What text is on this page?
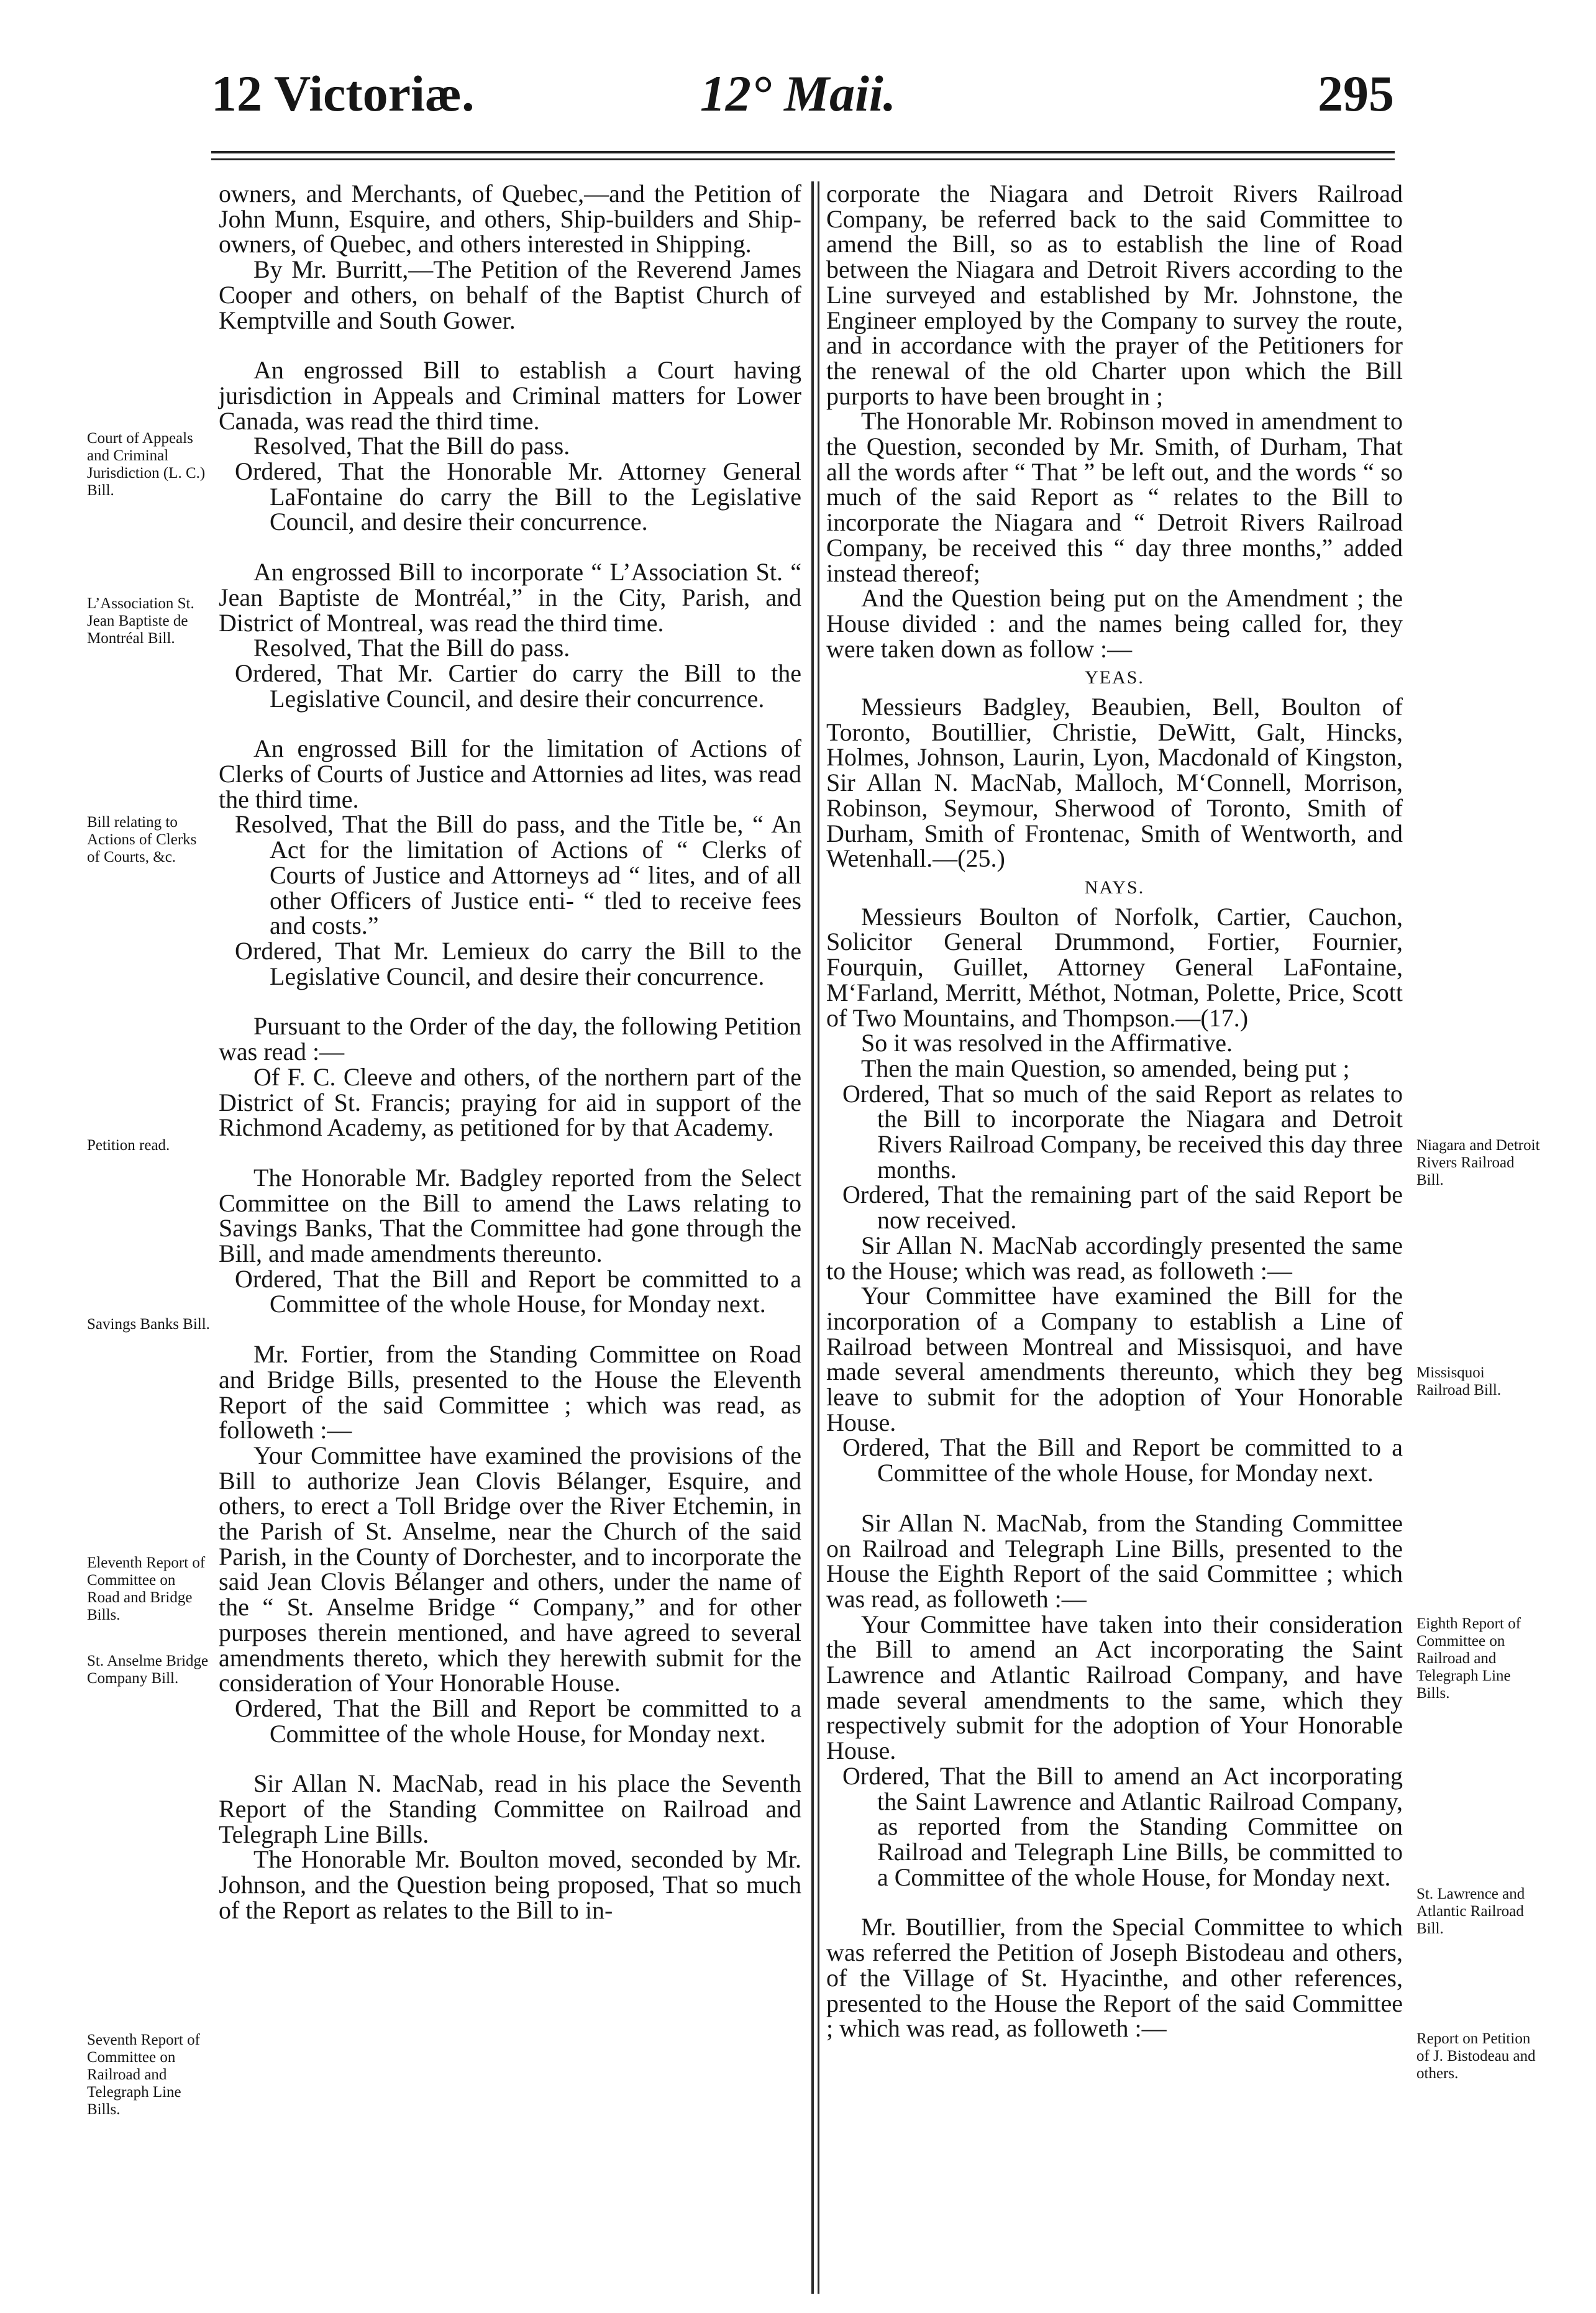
12 Victoriæ.	12° Maii.	295

owners, and Merchants, of Quebec,—and the Petition of John Munn, Esquire, and others, Ship-builders and Ship-owners, of Quebec, and others interested in Shipping.

By Mr. Burritt,—The Petition of the Reverend James Cooper and others, on behalf of the Baptist Church of Kemptville and South Gower.

An engrossed Bill to establish a Court having jurisdiction in Appeals and Criminal matters for Lower Canada, was read the third time.

Resolved, That the Bill do pass.

Ordered, That the Honorable Mr. Attorney General LaFontaine do carry the Bill to the Legislative Council, and desire their concurrence.

An engrossed Bill to incorporate “ L’Association St. “ Jean Baptiste de Montréal,” in the City, Parish, and District of Montreal, was read the third time.

Resolved, That the Bill do pass.

Ordered, That Mr. Cartier do carry the Bill to the Legislative Council, and desire their concurrence.

An engrossed Bill for the limitation of Actions of Clerks of Courts of Justice and Attornies ad lites, was read the third time.

Resolved, That the Bill do pass, and the Title be, “ An Act for the limitation of Actions of “ Clerks of Courts of Justice and Attorneys ad “ lites, and of all other Officers of Justice enti- “ tled to receive fees and costs.”

Ordered, That Mr. Lemieux do carry the Bill to the Legislative Council, and desire their concurrence.

Pursuant to the Order of the day, the following Petition was read :—

Of F. C. Cleeve and others, of the northern part of the District of St. Francis; praying for aid in support of the Richmond Academy, as petitioned for by that Academy.

The Honorable Mr. Badgley reported from the Select Committee on the Bill to amend the Laws relating to Savings Banks, That the Committee had gone through the Bill, and made amendments thereunto.

Ordered, That the Bill and Report be committed to a Committee of the whole House, for Monday next.

Mr. Fortier, from the Standing Committee on Road and Bridge Bills, presented to the House the Eleventh Report of the said Committee ; which was read, as followeth :—

Your Committee have examined the provisions of the Bill to authorize Jean Clovis Bélanger, Esquire, and others, to erect a Toll Bridge over the River Etchemin, in the Parish of St. Anselme, near the Church of the said Parish, in the County of Dorchester, and to incorporate the said Jean Clovis Bélanger and others, under the name of the “ St. Anselme Bridge “ Company,” and for other purposes therein mentioned, and have agreed to several amendments thereto, which they herewith submit for the consideration of Your Honorable House.

Ordered, That the Bill and Report be committed to a Committee of the whole House, for Monday next.

Sir Allan N. MacNab, read in his place the Seventh Report of the Standing Committee on Railroad and Telegraph Line Bills.

The Honorable Mr. Boulton moved, seconded by Mr. Johnson, and the Question being proposed, That so much of the Report as relates to the Bill to in-

corporate the Niagara and Detroit Rivers Railroad Company, be referred back to the said Committee to amend the Bill, so as to establish the line of Road between the Niagara and Detroit Rivers according to the Line surveyed and established by Mr. Johnstone, the Engineer employed by the Company to survey the route, and in accordance with the prayer of the Petitioners for the renewal of the old Charter upon which the Bill purports to have been brought in ;

The Honorable Mr. Robinson moved in amendment to the Question, seconded by Mr. Smith, of Durham, That all the words after “ That ” be left out, and the words “ so much of the said Report as “ relates to the Bill to incorporate the Niagara and “ Detroit Rivers Railroad Company, be received this “ day three months,” added instead thereof;

And the Question being put on the Amendment ; the House divided : and the names being called for, they were taken down as follow :—

YEAS.

Messieurs Badgley, Beaubien, Bell, Boulton of Toronto, Boutillier, Christie, DeWitt, Galt, Hincks, Holmes, Johnson, Laurin, Lyon, Macdonald of Kingston, Sir Allan N. MacNab, Malloch, M‘Connell, Morrison, Robinson, Seymour, Sherwood of Toronto, Smith of Durham, Smith of Frontenac, Smith of Wentworth, and Wetenhall.—(25.)

NAYS.

Messieurs Boulton of Norfolk, Cartier, Cauchon, Solicitor General Drummond, Fortier, Fournier, Fourquin, Guillet, Attorney General LaFontaine, M‘Farland, Merritt, Méthot, Notman, Polette, Price, Scott of Two Mountains, and Thompson.—(17.)

So it was resolved in the Affirmative.

Then the main Question, so amended, being put ;

Ordered, That so much of the said Report as relates to the Bill to incorporate the Niagara and Detroit Rivers Railroad Company, be received this day three months.

Ordered, That the remaining part of the said Report be now received.

Sir Allan N. MacNab accordingly presented the same to the House; which was read, as followeth :—

Your Committee have examined the Bill for the incorporation of a Company to establish a Line of Railroad between Montreal and Missisquoi, and have made several amendments thereunto, which they beg leave to submit for the adoption of Your Honorable House.

Ordered, That the Bill and Report be committed to a Committee of the whole House, for Monday next.

Sir Allan N. MacNab, from the Standing Committee on Railroad and Telegraph Line Bills, presented to the House the Eighth Report of the said Committee ; which was read, as followeth :—

Your Committee have taken into their consideration the Bill to amend an Act incorporating the Saint Lawrence and Atlantic Railroad Company, and have made several amendments to the same, which they respectively submit for the adoption of Your Honorable House.

Ordered, That the Bill to amend an Act incorporating the Saint Lawrence and Atlantic Railroad Company, as reported from the Standing Committee on Railroad and Telegraph Line Bills, be committed to a Committee of the whole House, for Monday next.

Mr. Boutillier, from the Special Committee to which was referred the Petition of Joseph Bistodeau and others, of the Village of St. Hyacinthe, and other references, presented to the House the Report of the said Committee ; which was read, as followeth :—

Court of Appeals and Criminal Jurisdiction (L. C.) Bill.
L’Association St. Jean Baptiste de Montréal Bill.
Bill relating to Actions of Clerks of Courts, &c.
Petition read.
Savings Banks Bill.
Eleventh Report of Committee on Road and Bridge Bills.
St. Anselme Bridge Company Bill.
Seventh Report of Committee on Railroad and Telegraph Line Bills.
Niagara and Detroit Rivers Railroad Bill.
Missisquoi Railroad Bill.
Eighth Report of Committee on Railroad and Telegraph Line Bills.
St. Lawrence and Atlantic Railroad Bill.
Report on Petition of J. Bistodeau and others.
